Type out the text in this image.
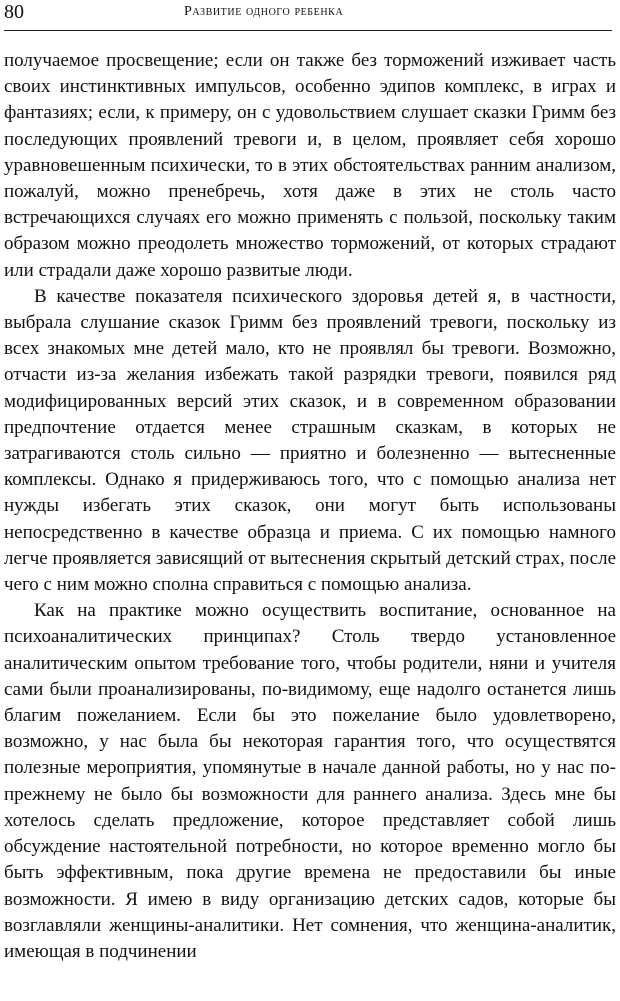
80	Развитие одного ребенка

получаемое просвещение; если он также без торможений изживает часть своих инстинктивных импульсов, особенно эдипов комплекс, в играх и фантазиях; если, к примеру, он с удовольствием слушает сказки Гримм без последующих проявлений тревоги и, в целом, проявляет себя хорошо уравновешенным психически, то в этих обстоятельствах ранним анализом, пожалуй, можно пренебречь, хотя даже в этих не столь часто встречающихся случаях его можно применять с пользой, поскольку таким образом можно преодолеть множество торможений, от которых страдают или страдали даже хорошо развитые люди.

В качестве показателя психического здоровья детей я, в частности, выбрала слушание сказок Гримм без проявлений тревоги, поскольку из всех знакомых мне детей мало, кто не проявлял бы тревоги. Возможно, отчасти из-за желания избежать такой разрядки тревоги, появился ряд модифицированных версий этих сказок, и в современном образовании предпочтение отдается менее страшным сказкам, в которых не затрагиваются столь сильно — приятно и болезненно — вытесненные комплексы. Однако я придерживаюсь того, что с помощью анализа нет нужды избегать этих сказок, они могут быть использованы непосредственно в качестве образца и приема. С их помощью намного легче проявляется зависящий от вытеснения скрытый детский страх, после чего с ним можно сполна справиться с помощью анализа.

Как на практике можно осуществить воспитание, основанное на психоаналитических принципах? Столь твердо установленное аналитическим опытом требование того, чтобы родители, няни и учителя сами были проанализированы, по-видимому, еще надолго останется лишь благим пожеланием. Если бы это пожелание было удовлетворено, возможно, у нас была бы некоторая гарантия того, что осуществятся полезные мероприятия, упомянутые в начале данной работы, но у нас по-прежнему не было бы возможности для раннего анализа. Здесь мне бы хотелось сделать предложение, которое представляет собой лишь обсуждение настоятельной потребности, но которое временно могло бы быть эффективным, пока другие времена не предоставили бы иные возможности. Я имею в виду организацию детских садов, которые бы возглавляли женщины-аналитики. Нет сомнения, что женщина-аналитик, имеющая в подчинении
